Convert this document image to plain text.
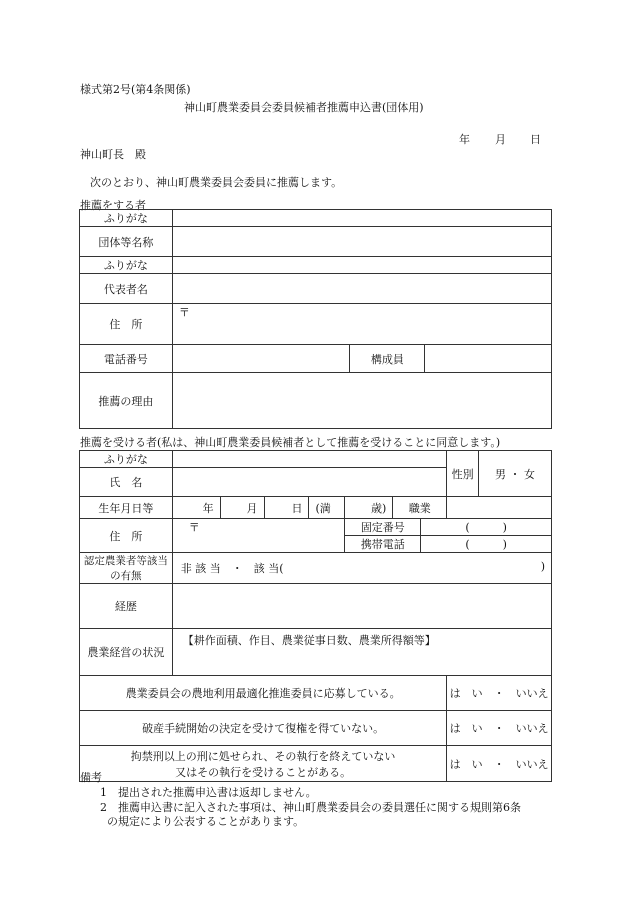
様式第2号(第4条関係)
神山町農業委員会委員候補者推薦申込書(団体用)
年 月 日
神山町長　殿
次のとおり、神山町農業委員会委員に推薦します。
推薦をする者
ふりがな			
団体等名称			
ふりがな			
代表者名			
住　所	〒		
電話番号		構成員	
推薦の理由			
推薦を受ける者(私は、神山町農業委員候補者として推薦を受けることに同意します。)
ふりがな								性別	男 ・ 女
氏　名									
生年月日等	年	月	日	(満	歳)	職業			
住　所	〒				固定番号		(　　　)		
					携帯電話		(　　　)		
認定農業者等該当の有無	非 該 当　・　該 当( )								

経歴									
農業経営の状況	【耕作面積、作目、農業従事日数、農業所得額等】								
農業委員会の農地利用最適化推進委員に応募している。								は　い　・　いいえ	
破産手続開始の決定を受けて復権を得ていない。								は　い　・　いいえ	

拘禁刑以上の刑に処せられ、その執行を終えていない
又はその執行を受けることがある。								は　い　・　いいえ	
備考
1　提出された推薦申込書は返却しません。
2　推薦申込書に記入された事項は、神山町農業委員会の委員選任に関する規則第6条
の規定により公表することがあります。
